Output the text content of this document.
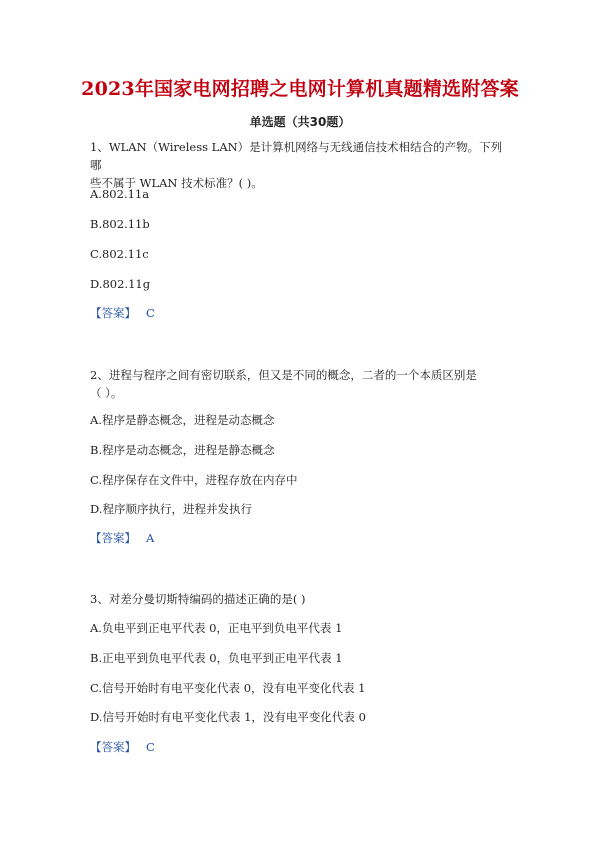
2023年国家电网招聘之电网计算机真题精选附答案
单选题（共30题）
1、WLAN（Wireless LAN）是计算机网络与无线通信技术相结合的产物。下列哪
些不属于 WLAN 技术标准？( )。
A.802.11a
B.802.11b
C.802.11c
D.802.11g
【答案】 C
2、进程与程序之间有密切联系，但又是不同的概念，二者的一个本质区别是
（ ）。
A.程序是静态概念，进程是动态概念
B.程序是动态概念，进程是静态概念
C.程序保存在文件中，进程存放在内存中
D.程序顺序执行，进程并发执行
【答案】 A
3、对差分曼切斯特编码的描述正确的是( )
A.负电平到正电平代表 0，正电平到负电平代表 1
B.正电平到负电平代表 0，负电平到正电平代表 1
C.信号开始时有电平变化代表 0，没有电平变化代表 1
D.信号开始时有电平变化代表 1，没有电平变化代表 0
【答案】 C
